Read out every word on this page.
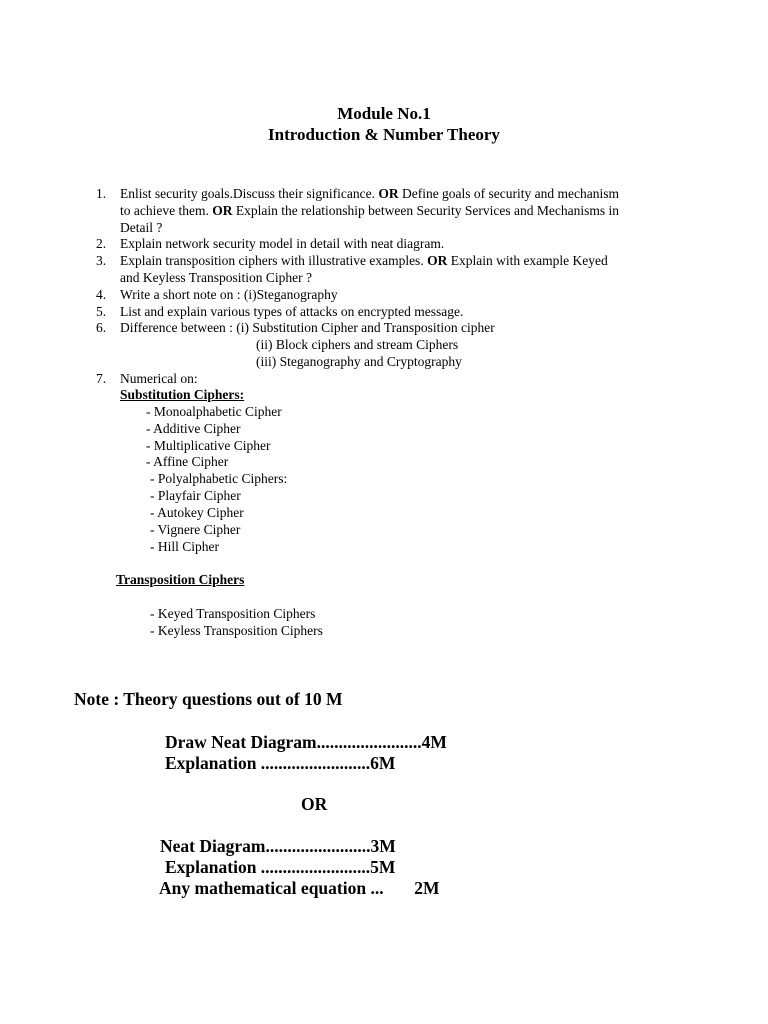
Module No.1
Introduction & Number Theory
1. Enlist security goals.Discuss their significance. OR Define goals of security and mechanism
to achieve them. OR Explain the relationship between Security Services and Mechanisms in
Detail ?
2. Explain network security model in detail with neat diagram.
3. Explain transposition ciphers with illustrative examples. OR Explain with example Keyed
and Keyless Transposition Cipher ?
4. Write a short note on : (i)Steganography
5. List and explain various types of attacks on encrypted message.
6. Difference between : (i) Substitution Cipher and Transposition cipher
(ii) Block ciphers and stream Ciphers
(iii) Steganography and Cryptography
7. Numerical on:
Substitution Ciphers:
- Monoalphabetic Cipher
- Additive Cipher
- Multiplicative Cipher
- Affine Cipher
- Polyalphabetic Ciphers:
- Playfair Cipher
- Autokey Cipher
- Vignere Cipher
- Hill Cipher
Transposition Ciphers
- Keyed Transposition Ciphers
- Keyless Transposition Ciphers
Note : Theory questions out of 10 M
Draw Neat Diagram........................4M
Explanation .........................6M
OR
Neat Diagram........................3M
Explanation .........................5M
Any mathematical equation ...       2M
